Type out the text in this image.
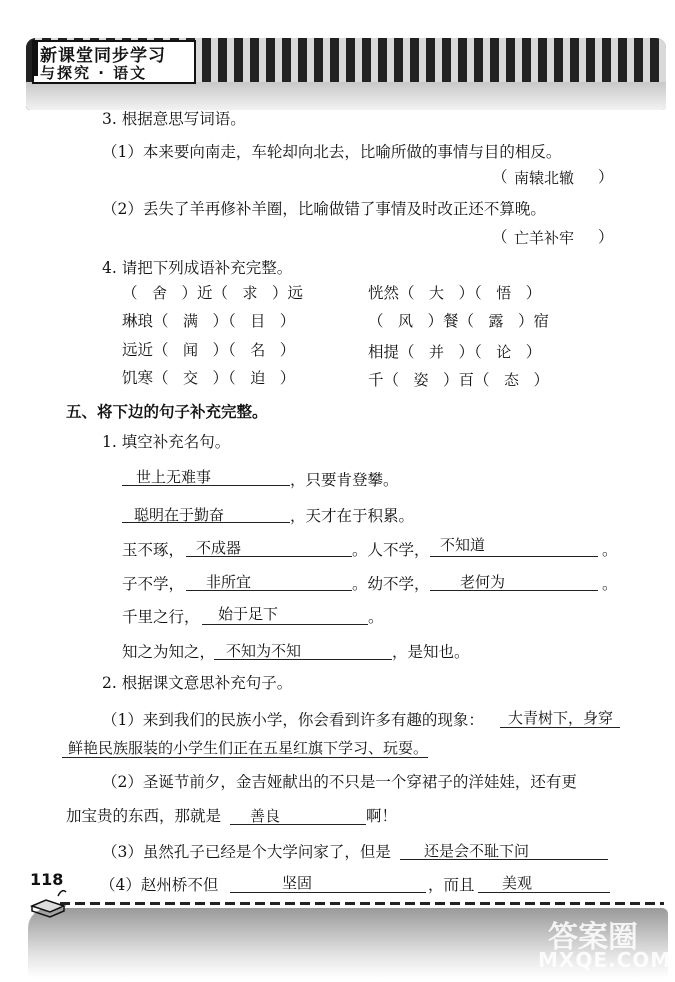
新课堂同步学习
与探究 · 语文
3. 根据意思写词语。
（1）本来要向南走，车轮却向北去，比喻所做的事情与目的相反。
（ 南辕北辙 ）
（2）丢失了羊再修补羊圈，比喻做错了事情及时改正还不算晚。
（ 亡羊补牢 ）
4. 请把下列成语补充完整。
（ 舍 ）近（ 求 ）远	恍然（ 大 ）（ 悟 ）
琳琅（ 满 ）（ 目 ）	（ 风 ）餐（ 露 ）宿
远近（ 闻 ）（ 名 ）	相提（ 并 ）（ 论 ）
饥寒（ 交 ）（ 迫 ）	千（ 姿 ）百（ 态 ）
五、将下边的句子补充完整。
1. 填空补充名句。
世上无难事	，只要肯登攀。
聪明在于勤奋	，天才在于积累。
玉不琢， 不成器	。人不学， 不知道	。
子不学， 非所宜	。幼不学， 老何为	。
千里之行， 始于足下	。
知之为知之， 不知为不知	，是知也。
2. 根据课文意思补充句子。
（1）来到我们的民族小学，你会看到许多有趣的现象： 大青树下，身穿
鲜艳民族服装的小学生们正在五星红旗下学习、玩耍。
（2）圣诞节前夕，金吉娅献出的不只是一个穿裙子的洋娃娃，还有更
加宝贵的东西，那就是 善良	啊！
（3）虽然孔子已经是个大学问家了，但是 还是会不耻下问
（4）赵州桥不但	坚固	，而且 美观
118
答案圈
MXQE.COM
